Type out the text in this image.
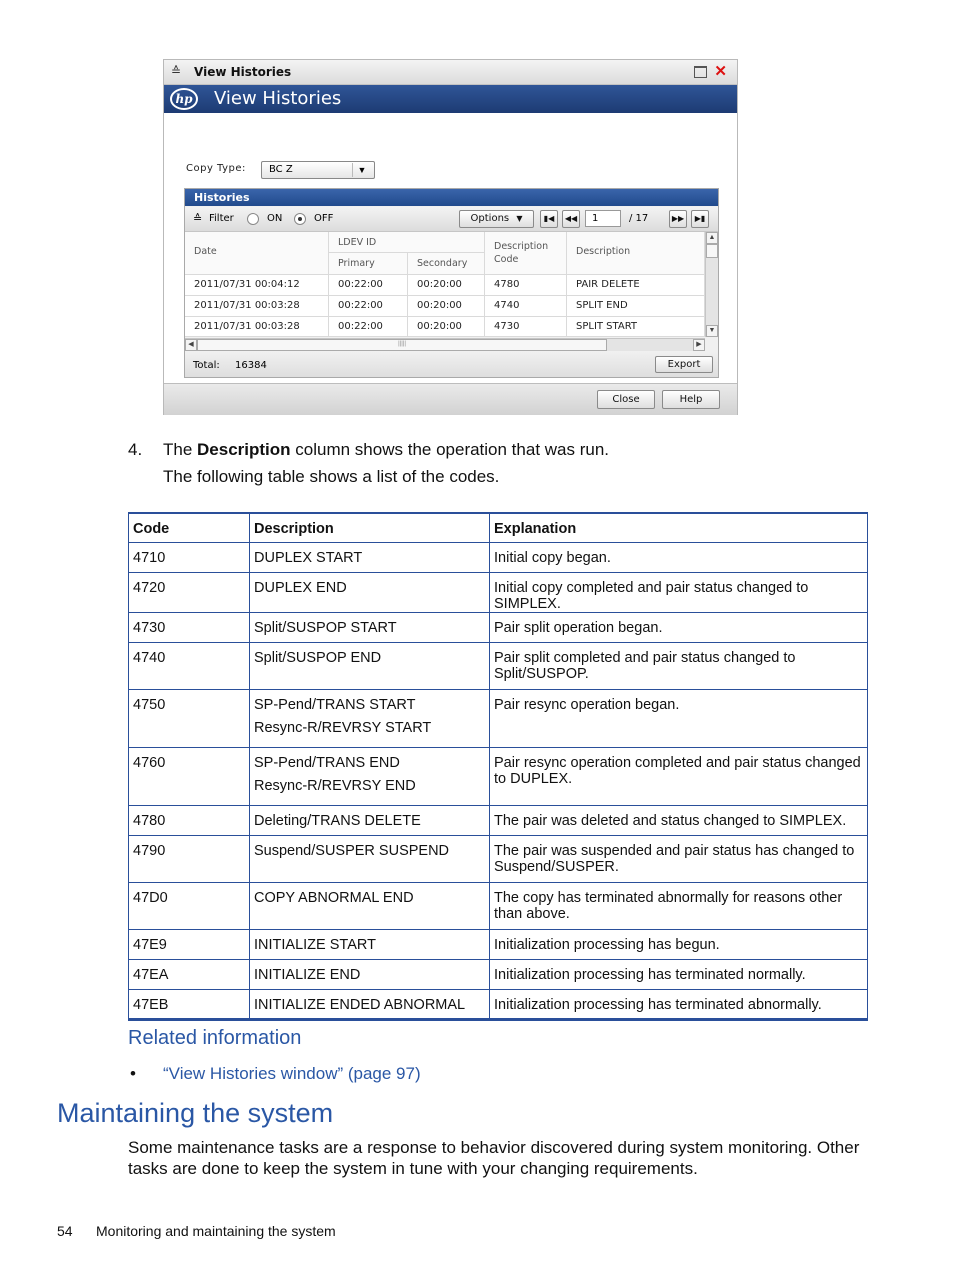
≙ View Histories	✕
hp	View Histories
Copy Type: BC Z	▼
Histories
≙ Filter	ON	OFF	Options ▼	▮◀	◀◀	1	/ 17	▶▶	▶▮
Date
LDEV ID
Primary	Secondary
Description Code
Description
2011/07/31 00:04:12	00:22:00	00:20:00	4780	PAIR DELETE
2011/07/31 00:03:28	00:22:00	00:20:00	4740	SPLIT END
2011/07/31 00:03:28	00:22:00	00:20:00	4730	SPLIT START
▲
▼
◀	|||||	▶
Total: 16384	Export
Close	Help
4. The Description column shows the operation that was run.
The following table shows a list of the codes.
Code	Description	Explanation
4710	DUPLEX START	Initial copy began.
4720	DUPLEX END	Initial copy completed and pair status changed to SIMPLEX.
4730	Split/SUSPOP START	Pair split operation began.
4740	Split/SUSPOP END	Pair split completed and pair status changed to Split/SUSPOP.
4750	SP-Pend/TRANS START
Resync-R/REVRSY START	Pair resync operation began.
4760	SP-Pend/TRANS END
Resync-R/REVRSY END	Pair resync operation completed and pair status changed to DUPLEX.
4780	Deleting/TRANS DELETE	The pair was deleted and status changed to SIMPLEX.
4790	Suspend/SUSPER SUSPEND	The pair was suspended and pair status has changed to Suspend/SUSPER.
47D0	COPY ABNORMAL END	The copy has terminated abnormally for reasons other than above.
47E9	INITIALIZE START	Initialization processing has begun.
47EA	INITIALIZE END	Initialization processing has terminated normally.
47EB	INITIALIZE ENDED ABNORMAL	Initialization processing has terminated abnormally.
Related information
• “View Histories window” (page 97)
Maintaining the system
Some maintenance tasks are a response to behavior discovered during system monitoring. Other tasks are done to keep the system in tune with your changing requirements.
54 Monitoring and maintaining the system
